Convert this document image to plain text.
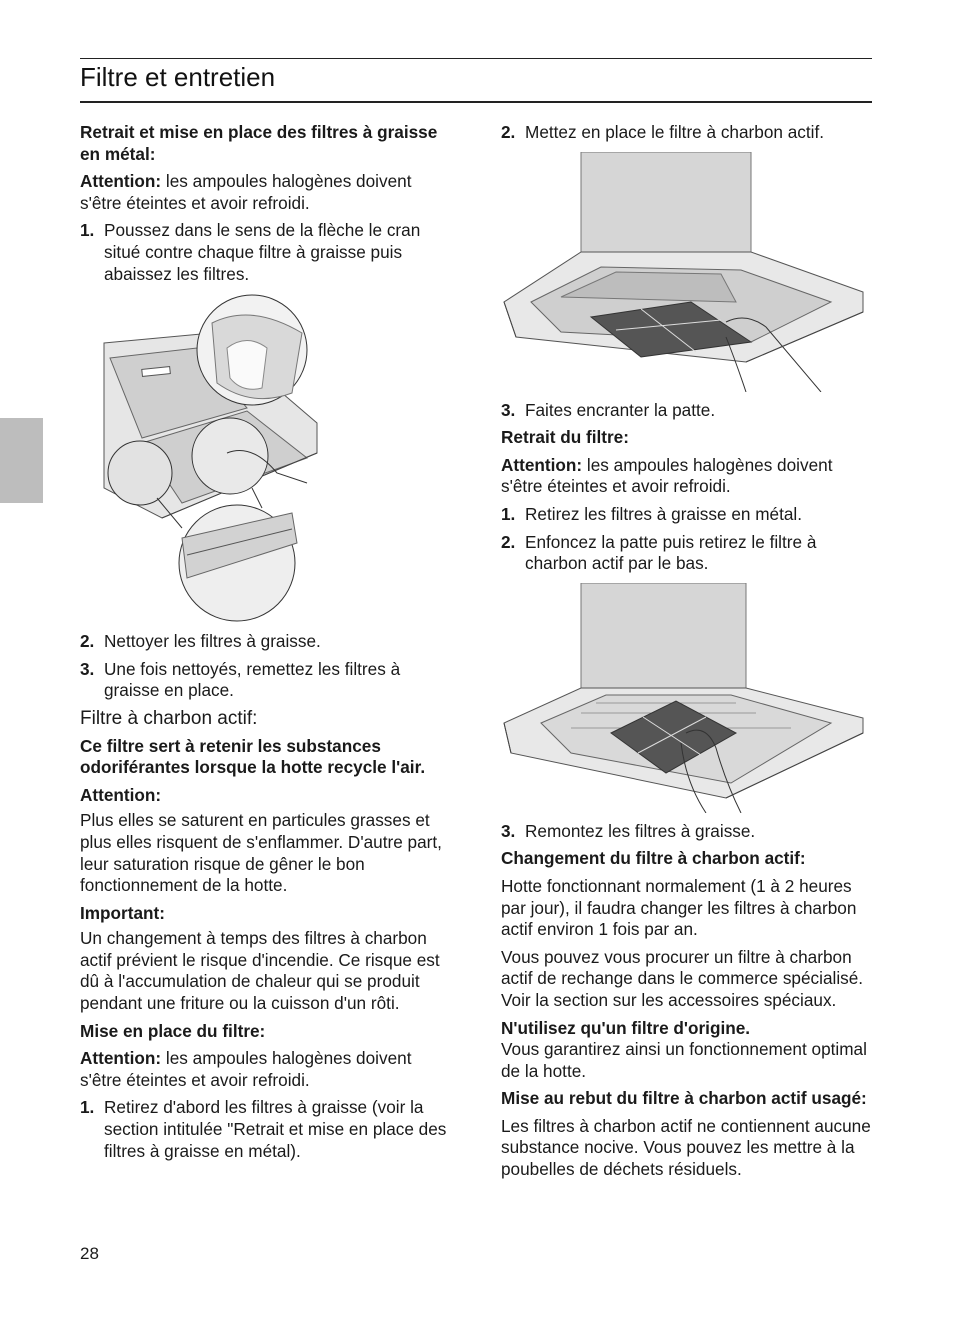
Filtre et entretien

Retrait et mise en place des filtres à graisse en métal:

Attention: les ampoules halogènes doivent s'être éteintes et avoir refroidi.

1. Poussez dans le sens de la flèche le cran situé contre chaque filtre à graisse puis abaissez les filtres.
2. Nettoyer les filtres à graisse.
3. Une fois nettoyés, remettez les filtres à graisse en place.

Filtre à charbon actif:

Ce filtre sert à retenir les substances odoriférantes lorsque la hotte recycle l'air.

Attention:

Plus elles se saturent en particules grasses et plus elles risquent de s'enflammer. D'autre part, leur saturation risque de gêner le bon fonctionnement de la hotte.

Important:

Un changement à temps des filtres à charbon actif prévient le risque d'incendie. Ce risque est dû à l'accumulation de chaleur qui se produit pendant une friture ou la cuisson d'un rôti.

Mise en place du filtre:

Attention: les ampoules halogènes doivent s'être éteintes et avoir refroidi.

1. Retirez d'abord les filtres à graisse (voir la section intitulée "Retrait et mise en place des filtres à graisse en métal).
2. Mettez en place le filtre à charbon actif.
3. Faites encranter la patte.

Retrait du filtre:

Attention: les ampoules halogènes doivent s'être éteintes et avoir refroidi.

1. Retirez les filtres à graisse en métal.
2. Enfoncez la patte puis retirez le filtre à charbon actif par le bas.
3. Remontez les filtres à graisse.

Changement du filtre à charbon actif:

Hotte fonctionnant normalement (1 à 2 heures par jour), il faudra changer les filtres à charbon actif environ 1 fois par an.

Vous pouvez vous procurer un filtre à charbon actif de rechange dans le commerce spécialisé. Voir la section sur les accessoires spéciaux.

N'utilisez qu'un filtre d'origine.
Vous garantirez ainsi un fonctionnement optimal de la hotte.

Mise au rebut du filtre à charbon actif usagé:

Les filtres à charbon actif ne contiennent aucune substance nocive. Vous pouvez les mettre à la poubelles de déchets résiduels.

28
